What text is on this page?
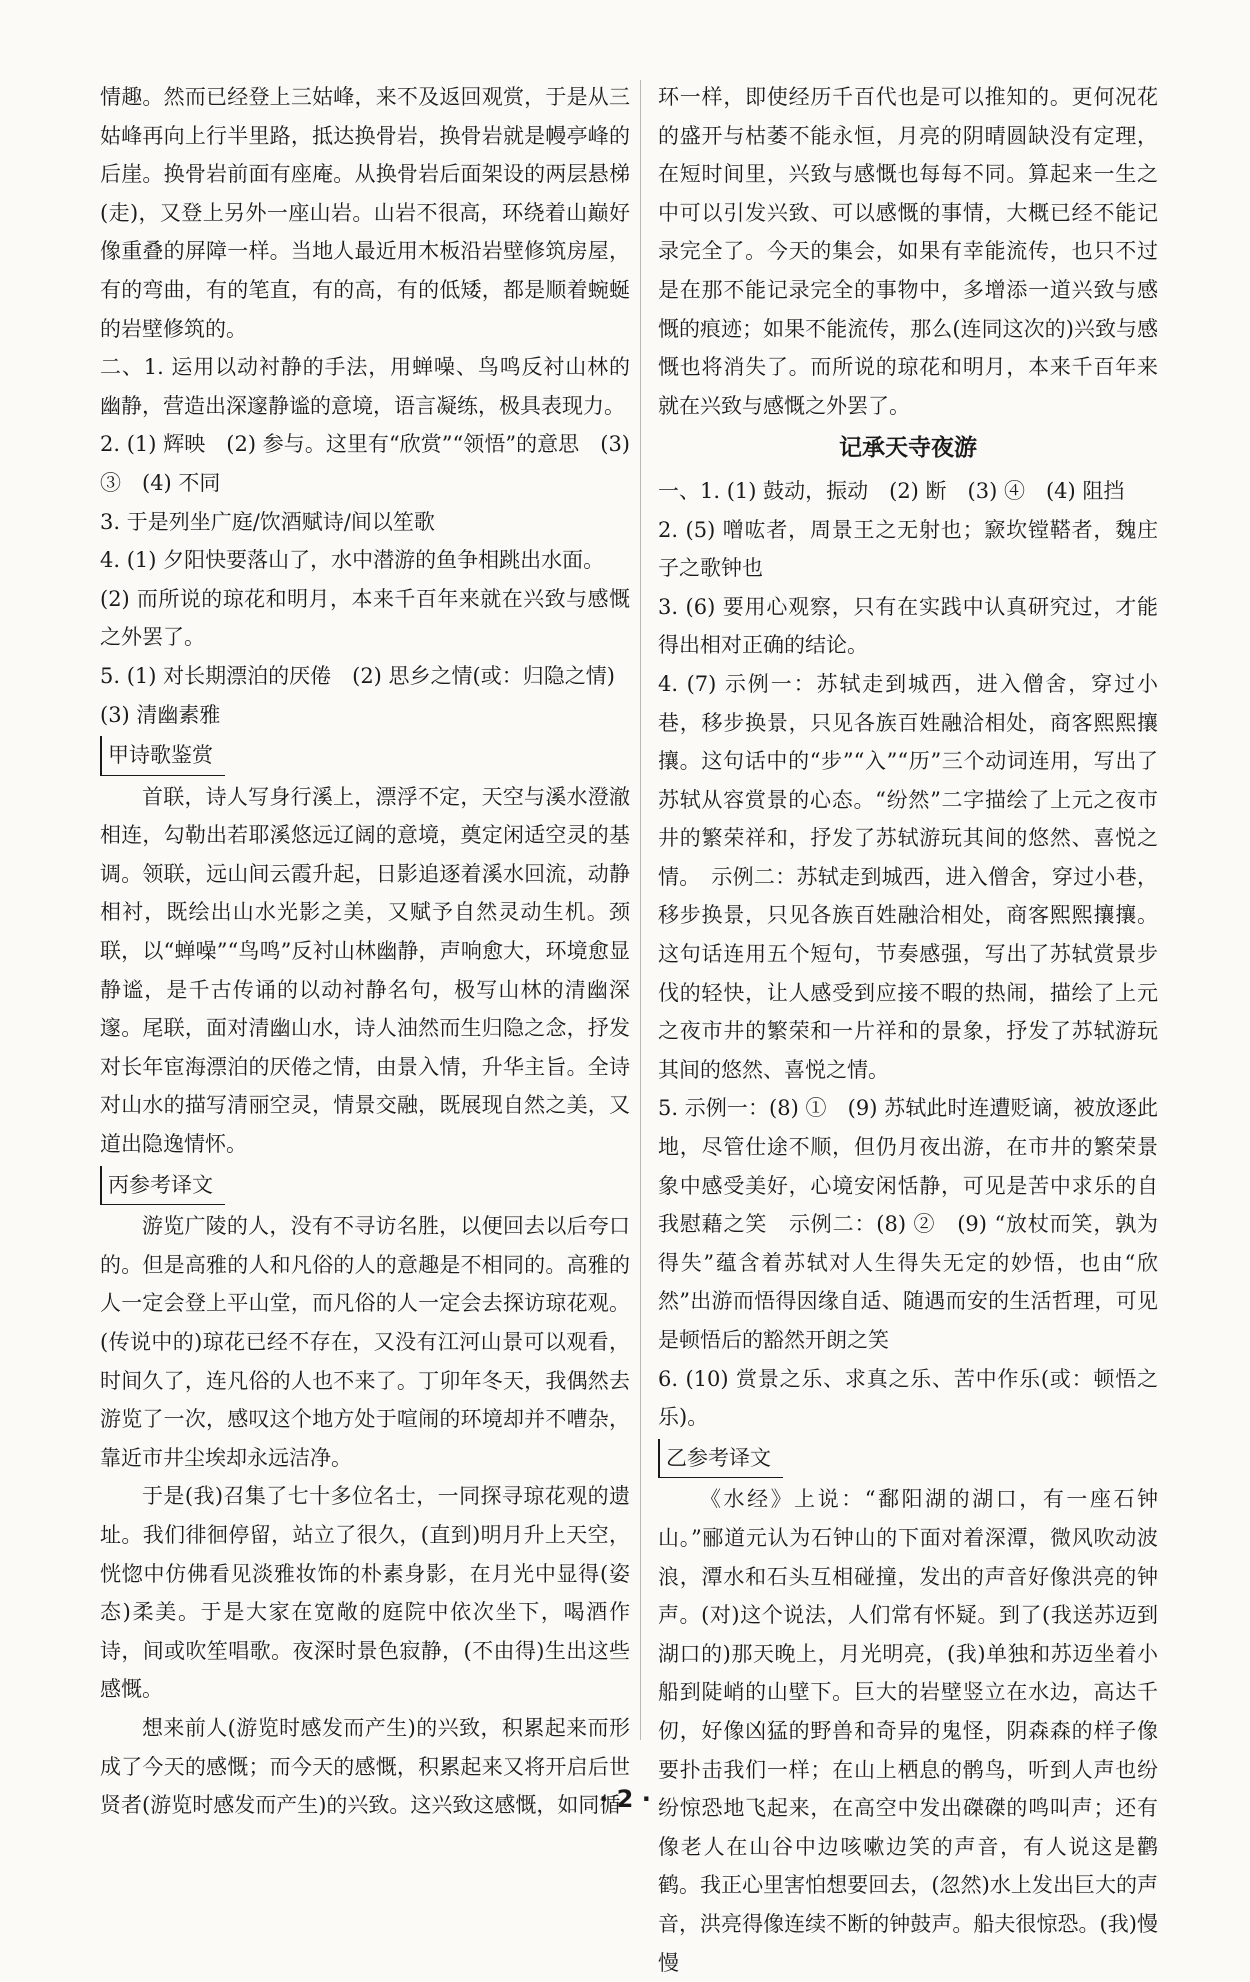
情趣。然而已经登上三姑峰，来不及返回观赏，于是从三姑峰再向上行半里路，抵达换骨岩，换骨岩就是幔亭峰的后崖。换骨岩前面有座庵。从换骨岩后面架设的两层悬梯(走)，又登上另外一座山岩。山岩不很高，环绕着山巅好像重叠的屏障一样。当地人最近用木板沿岩壁修筑房屋，有的弯曲，有的笔直，有的高，有的低矮，都是顺着蜿蜒的岩壁修筑的。

二、1. 运用以动衬静的手法，用蝉噪、鸟鸣反衬山林的幽静，营造出深邃静谧的意境，语言凝练，极具表现力。

2. (1) 辉映　(2) 参与。这里有“欣赏”“领悟”的意思　(3) ③　(4) 不同

3. 于是列坐广庭/饮酒赋诗/间以笙歌

4. (1) 夕阳快要落山了，水中潜游的鱼争相跳出水面。

(2) 而所说的琼花和明月，本来千百年来就在兴致与感慨之外罢了。

5. (1) 对长期漂泊的厌倦　(2) 思乡之情(或：归隐之情)

(3) 清幽素雅

甲诗歌鉴赏

首联，诗人写身行溪上，漂浮不定，天空与溪水澄澈相连，勾勒出若耶溪悠远辽阔的意境，奠定闲适空灵的基调。领联，远山间云霞升起，日影追逐着溪水回流，动静相衬，既绘出山水光影之美，又赋予自然灵动生机。颈联，以“蝉噪”“鸟鸣”反衬山林幽静，声响愈大，环境愈显静谧，是千古传诵的以动衬静名句，极写山林的清幽深邃。尾联，面对清幽山水，诗人油然而生归隐之念，抒发对长年宦海漂泊的厌倦之情，由景入情，升华主旨。全诗对山水的描写清丽空灵，情景交融，既展现自然之美，又道出隐逸情怀。

丙参考译文

游览广陵的人，没有不寻访名胜，以便回去以后夸口的。但是高雅的人和凡俗的人的意趣是不相同的。高雅的人一定会登上平山堂，而凡俗的人一定会去探访琼花观。(传说中的)琼花已经不存在，又没有江河山景可以观看，时间久了，连凡俗的人也不来了。丁卯年冬天，我偶然去游览了一次，感叹这个地方处于喧闹的环境却并不嘈杂，靠近市井尘埃却永远洁净。

于是(我)召集了七十多位名士，一同探寻琼花观的遗址。我们徘徊停留，站立了很久，(直到)明月升上天空，恍惚中仿佛看见淡雅妆饰的朴素身影，在月光中显得(姿态)柔美。于是大家在宽敞的庭院中依次坐下，喝酒作诗，间或吹笙唱歌。夜深时景色寂静，(不由得)生出这些感慨。

想来前人(游览时感发而产生)的兴致，积累起来而形成了今天的感慨；而今天的感慨，积累起来又将开启后世贤者(游览时感发而产生)的兴致。这兴致这感慨，如同循

环一样，即使经历千百代也是可以推知的。更何况花的盛开与枯萎不能永恒，月亮的阴晴圆缺没有定理，在短时间里，兴致与感慨也每每不同。算起来一生之中可以引发兴致、可以感慨的事情，大概已经不能记录完全了。今天的集会，如果有幸能流传，也只不过是在那不能记录完全的事物中，多增添一道兴致与感慨的痕迹；如果不能流传，那么(连同这次的)兴致与感慨也将消失了。而所说的琼花和明月，本来千百年来就在兴致与感慨之外罢了。

记承天寺夜游

一、1. (1) 鼓动，振动　(2) 断　(3) ④　(4) 阻挡

2. (5) 噌吰者，周景王之无射也；窾坎镗鞳者，魏庄子之歌钟也

3. (6) 要用心观察，只有在实践中认真研究过，才能得出相对正确的结论。

4. (7) 示例一：苏轼走到城西，进入僧舍，穿过小巷，移步换景，只见各族百姓融洽相处，商客熙熙攘攘。这句话中的“步”“入”“历”三个动词连用，写出了苏轼从容赏景的心态。“纷然”二字描绘了上元之夜市井的繁荣祥和，抒发了苏轼游玩其间的悠然、喜悦之情。　示例二：苏轼走到城西，进入僧舍，穿过小巷，移步换景，只见各族百姓融洽相处，商客熙熙攘攘。这句话连用五个短句，节奏感强，写出了苏轼赏景步伐的轻快，让人感受到应接不暇的热闹，描绘了上元之夜市井的繁荣和一片祥和的景象，抒发了苏轼游玩其间的悠然、喜悦之情。

5. 示例一：(8) ①　(9) 苏轼此时连遭贬谪，被放逐此地，尽管仕途不顺，但仍月夜出游，在市井的繁荣景象中感受美好，心境安闲恬静，可见是苦中求乐的自我慰藉之笑　示例二：(8) ②　(9) “放杖而笑，孰为得失”蕴含着苏轼对人生得失无定的妙悟，也由“欣然”出游而悟得因缘自适、随遇而安的生活哲理，可见是顿悟后的豁然开朗之笑

6. (10) 赏景之乐、求真之乐、苦中作乐(或：顿悟之乐)。

乙参考译文

《水经》上说：“鄱阳湖的湖口，有一座石钟山。”郦道元认为石钟山的下面对着深潭，微风吹动波浪，潭水和石头互相碰撞，发出的声音好像洪亮的钟声。(对)这个说法，人们常有怀疑。到了(我送苏迈到湖口的)那天晚上，月光明亮，(我)单独和苏迈坐着小船到陡峭的山壁下。巨大的岩壁竖立在水边，高达千仞，好像凶猛的野兽和奇异的鬼怪，阴森森的样子像要扑击我们一样；在山上栖息的鹘鸟，听到人声也纷纷惊恐地飞起来，在高空中发出磔磔的鸣叫声；还有像老人在山谷中边咳嗽边笑的声音，有人说这是鹳鹤。我正心里害怕想要回去，(忽然)水上发出巨大的声音，洪亮得像连续不断的钟鼓声。船夫很惊恐。(我)慢慢

· 2 ·
